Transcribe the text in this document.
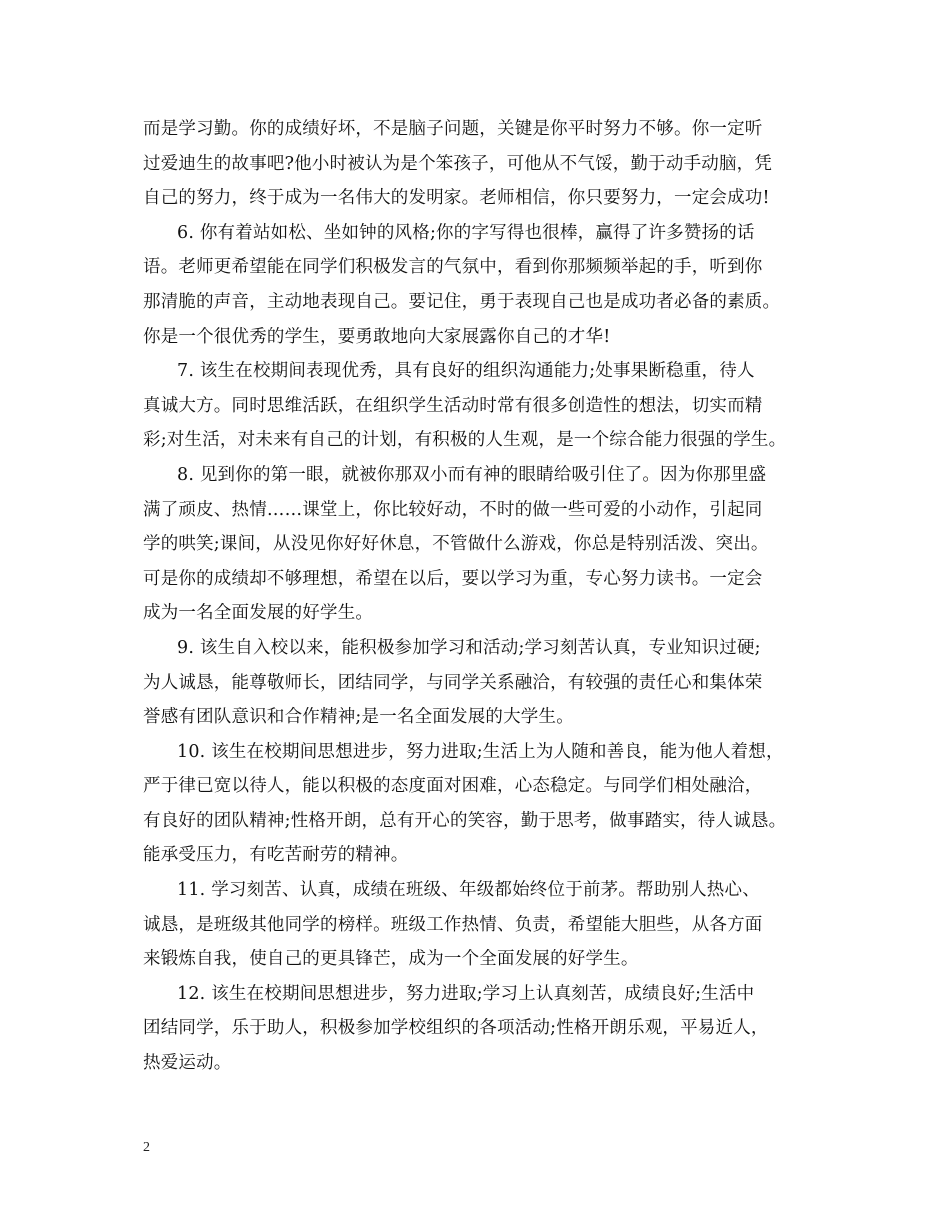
而是学习勤。你的成绩好坏，不是脑子问题，关键是你平时努力不够。你一定听
过爱迪生的故事吧?他小时被认为是个笨孩子，可他从不气馁，勤于动手动脑，凭
自己的努力，终于成为一名伟大的发明家。老师相信，你只要努力，一定会成功!
6. 你有着站如松、坐如钟的风格;你的字写得也很棒，赢得了许多赞扬的话
语。老师更希望能在同学们积极发言的气氛中，看到你那频频举起的手，听到你
那清脆的声音，主动地表现自己。要记住，勇于表现自己也是成功者必备的素质。
你是一个很优秀的学生，要勇敢地向大家展露你自己的才华!
7. 该生在校期间表现优秀，具有良好的组织沟通能力;处事果断稳重，待人
真诚大方。同时思维活跃，在组织学生活动时常有很多创造性的想法，切实而精
彩;对生活，对未来有自己的计划，有积极的人生观，是一个综合能力很强的学生。
8. 见到你的第一眼，就被你那双小而有神的眼睛给吸引住了。因为你那里盛
满了顽皮、热情……课堂上，你比较好动，不时的做一些可爱的小动作，引起同
学的哄笑;课间，从没见你好好休息，不管做什么游戏，你总是特别活泼、突出。
可是你的成绩却不够理想，希望在以后，要以学习为重，专心努力读书。一定会
成为一名全面发展的好学生。
9. 该生自入校以来，能积极参加学习和活动;学习刻苦认真，专业知识过硬;
为人诚恳，能尊敬师长，团结同学，与同学关系融洽，有较强的责任心和集体荣
誉感有团队意识和合作精神;是一名全面发展的大学生。
10. 该生在校期间思想进步，努力进取;生活上为人随和善良，能为他人着想，
严于律已宽以待人，能以积极的态度面对困难，心态稳定。与同学们相处融洽，
有良好的团队精神;性格开朗，总有开心的笑容，勤于思考，做事踏实，待人诚恳。
能承受压力，有吃苦耐劳的精神。
11. 学习刻苦、认真，成绩在班级、年级都始终位于前茅。帮助别人热心、
诚恳，是班级其他同学的榜样。班级工作热情、负责，希望能大胆些，从各方面
来锻炼自我，使自己的更具锋芒，成为一个全面发展的好学生。
12. 该生在校期间思想进步，努力进取;学习上认真刻苦，成绩良好;生活中
团结同学，乐于助人，积极参加学校组织的各项活动;性格开朗乐观，平易近人，
热爱运动。
2
